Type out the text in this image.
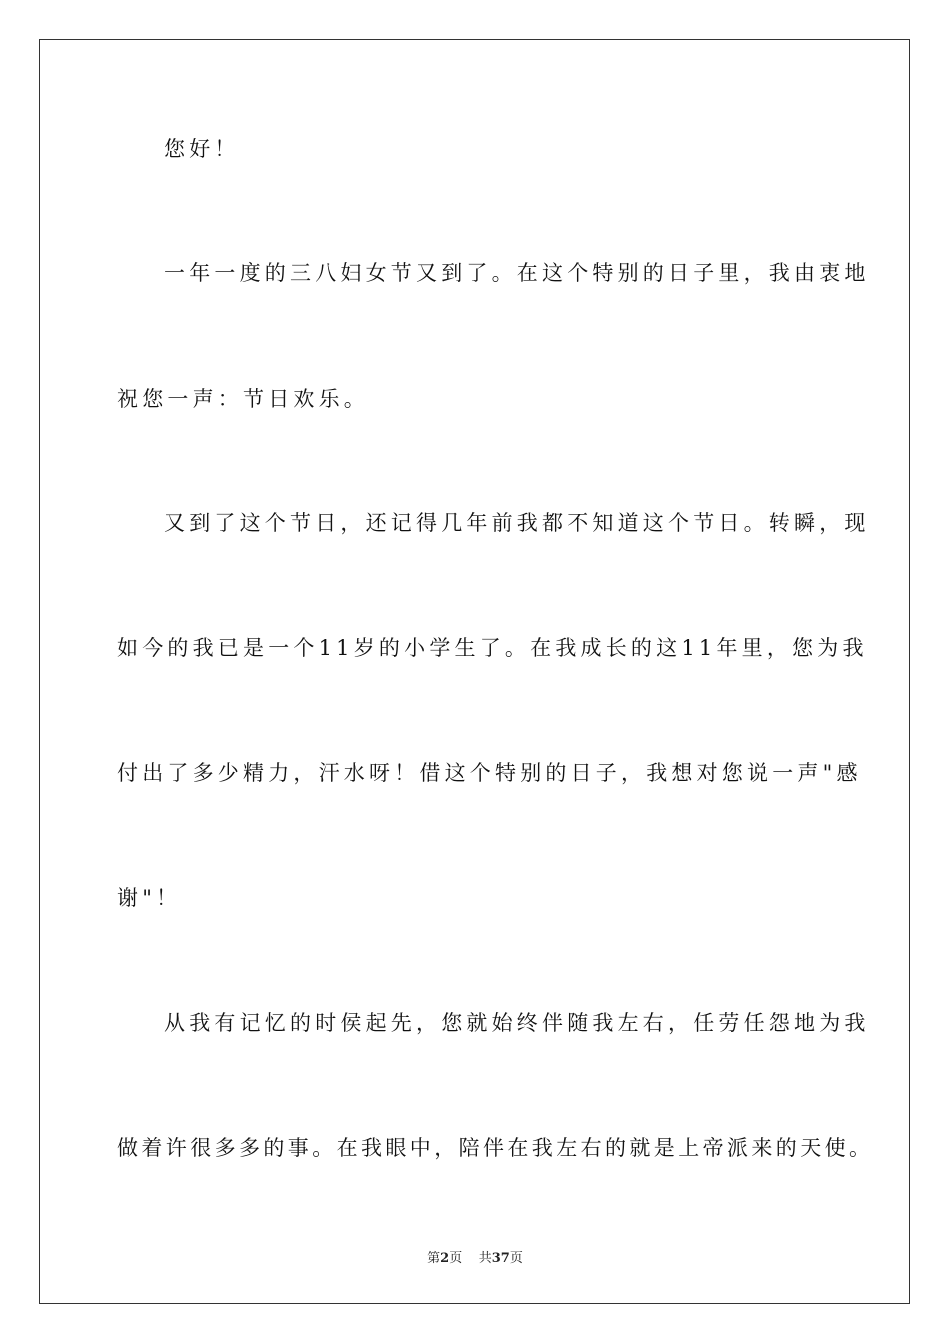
您好！
一年一度的三八妇女节又到了。在这个特别的日子里，我由衷地
祝您一声：节日欢乐。
又到了这个节日，还记得几年前我都不知道这个节日。转瞬，现
如今的我已是一个11岁的小学生了。在我成长的这11年里，您为我
付出了多少精力，汗水呀！借这个特别的日子，我想对您说一声"感
谢"！
从我有记忆的时侯起先，您就始终伴随我左右，任劳任怨地为我
做着许很多多的事。在我眼中，陪伴在我左右的就是上帝派来的天使。
第2页 共37页
